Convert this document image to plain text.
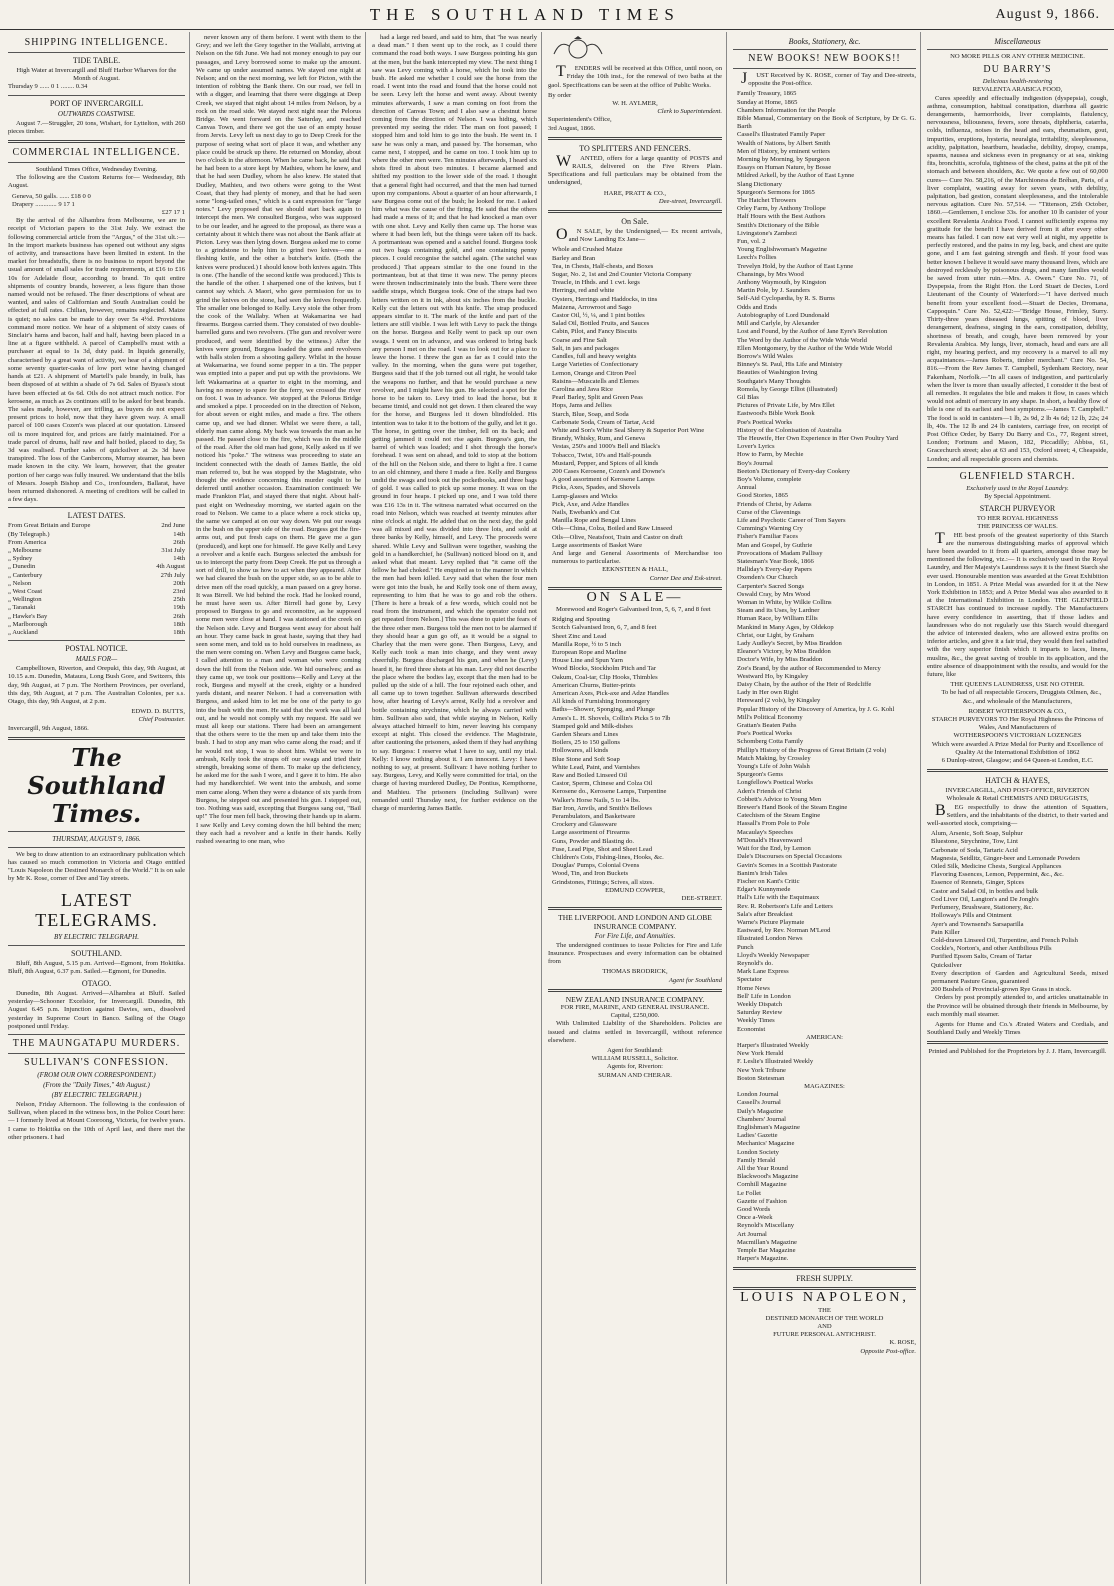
THE SOUTHLAND TIMES	August 9, 1866.
SHIPPING INTELLIGENCE.
TIDE TABLE.
High Water at Invercargill and Bluff Harbor Wharves for the Month of August.
Thursday 9 ...... 0 1 ........ 0.34
PORT OF INVERCARGILL
OUTWARDS COASTWISE.
August 7.—Struggler, 20 tons, Wishart, for Lyttelton, with 260 pieces timber.
COMMERCIAL INTELLIGENCE.
Southland Times Office, Wednesday Evening.
The following are the Custom Returns for— Wednesday, 8th August.
Geneva, 50 galls. ...... £18 0 0
Drapery ............. 9 17 1
£27 17 1
By the arrival of the Alhambra from Melbourne, we are in receipt of Victorian papers to the 31st July. We extract the following commercial article from the "Argus," of the 31st ult.:— In the import markets business has opened out without any signs of activity, and transactions have been limited in extent. In the market for breadstuffs, there is no business to report beyond the usual amount of small sales for trade requirements, at £16 to £16 10s for Adelaide flour, according to brand. To quit entire shipments of country brands, however, a less figure than those named would not be refused. The finer descriptions of wheat are wanted, and sales of Californian and South Australian could be effected at full rates. Chilian, however, remains neglected. Maize is quiet; no sales can be made to day over 5s 4½d. Provisions command more notice. We hear of a shipment of sixty cases of Sinclair's hams and bacon, half and half, having been placed in a line at a figure withheld. A parcel of Campbell's must with a purchaser at equal to 1s 3d, duty paid. In liquids generally, characterised by a great want of activity, we hear of a shipment of some seventy quarter-casks of low port wine having changed hands at £21. A shipment of Martell's pale brandy, in bulk, has been disposed of at within a shade of 7s 6d. Sales of Byass's stout have been effected at 6s 6d. Oils do not attract much notice. For kerosene, as much as 2s continues still to be asked for best brands. The sales made, however, are trifling, as buyers do not expect present prices to hold, now that they have given way. A small parcel of 100 cases Cozen's was placed at our quotation. Linseed oil is more inquired for, and prices are fairly maintained. For a trade parcel of drums, half raw and half boiled, placed to day, 5s 3d was realised. Further sales of quicksilver at 2s 3d have transpired. The loss of the Canbercons, Murray steamer, has been made known in the city. We learn, however, that the greater portion of her cargo was fully insured. We understand that the bills of Messrs. Joseph Bishop and Co., ironfounders, Ballarat, have been returned dishonored. A meeting of creditors will be called in a few days.
LATEST DATES.
From Great Britain and Europe	2nd June
(By Telegraph.)	14th
From America	26th
„ Melbourne	31st July
„ Sydney	14th
„ Dunedin	4th August
„ Canterbury	27th July
„ Nelson	20th
„ West Coast	23rd
„ Wellington	25th
„ Taranaki	19th
„ Hawke's Bay	26th
„ Marlborough	18th
„ Auckland	18th
POSTAL NOTICE.
MAILS FOR—
Campbelltown, Riverton, and Orepuki, this day, 9th August, at 10.15 a.m. Dunedin, Mataura, Long Bush Gore, and Switzers, this day, 9th August, at 7 p.m. The Northern Provinces, per overland, this day, 9th August, at 7 p.m. The Australian Colonies, per s.s. Otago, this day, 9th August, at 2 p.m.
EDWD. D. BUTTS,
Chief Postmaster.
Invercargill, 9th August, 1866.
The Southland Times.
THURSDAY, AUGUST 9, 1866.
We beg to draw attention to an extraordinary publication which has caused so much commotion in Victoria and Otago entitled "Louis Napoleon the Destined Monarch of the World." It is on sale by Mr K. Rose, corner of Dee and Tay streets.
LATEST TELEGRAMS.
BY ELECTRIC TELEGRAPH.
SOUTHLAND.
Bluff, 8th August, 5.15 p.m. Arrived—Egmont, from Hokitika. Bluff, 8th August, 6.37 p.m. Sailed.—Egmont, for Dunedin.
OTAGO.
Dunedin, 8th August. Arrived—Alhambra at Bluff. Sailed yesterday—Schooner Excelsior, for Invercargill. Dunedin, 8th August 6.45 p.m. Injunction against Davies, sen., dissolved yesterday in Supreme Court in Banco. Sailing of the Otago postponed until Friday.
THE MAUNGATAPU MURDERS.
SULLIVAN'S CONFESSION.
(FROM OUR OWN CORRESPONDENT.)
(From the "Daily Times," 4th August.)
(BY ELECTRIC TELEGRAPH.)
Nelson, Friday Afternoon. The following is the confession of Sullivan, when placed in the witness box, in the Police Court here:— I formerly lived at Mount Cooroong, Victoria, for twelve years. I came to Hokitika on the 10th of April last, and there met the other prisoners. I had
never known any of them before. I went with them to the Grey; and we left the Grey together in the Wallabi, arriving at Nelson on the 6th June. We had not money enough to pay our passages, and Levy borrowed some to make up the amount. We came up under assumed names. We stayed one night at Nelson; and on the next morning, we left for Picton, with the intention of robbing the Bank there. On our road, we fell in with a digger, and learning that there were diggings at Deep Creek, we stayed that night about 14 miles from Nelson, by a rock on the road side. We stayed next night near the Pelorus Bridge. We went forward on the Saturday, and reached Canvas Town, and there we got the use of an empty house from Jervis. Levy left us next day to go to Deep Creek for the purpose of seeing what sort of place it was, and whether any place could be struck up there. He returned on Monday, about two o'clock in the afternoon. When he came back, he said that he had been to a store kept by Mathieu, whom he knew, and that he had seen Dudley, whom he also knew. He stated that Dudley, Mathieu, and two others were going to the West Coast, that they had plenty of money, and that he had seen some "long-tailed ones," which is a cant expression for "large notes." Levy proposed that we should start back again to intercept the men. We consulted Burgess, who was supposed to be our leader, and he agreed to the proposal, as there was a certainty about it which there was not about the Bank affair at Picton. Levy was then lying down. Burgess asked me to come to a grindstone to help him to grind two knives—one a fleshing knife, and the other a butcher's knife. (Both the knives were produced.) I should know both knives again. This is one. (The handle of the second knife was produced.) This is the handle of the other. I sharpened one of the knives, but I cannot say which. A Maori, who gave permission for us to grind the knives on the stone, had seen the knives frequently. The smaller one belonged to Kelly. Levy stole the other from the cook of the Wallaby. When at Wakamarina we had firearms. Burgess carried them. They consisted of two double-barrelled guns and two revolvers. (The gun and revolver were produced, and were identified by the witness.) After the knives were ground, Burgess loaded the guns and revolvers with balls stolen from a shooting gallery. Whilst in the house at Wakamarina, we found some pepper in a tin. The pepper was emptied into a paper and put up with the provisions. We left Wakamarina at a quarter to eight in the morning, and having no money to spare for the ferry, we crossed the river on foot. I was in advance. We stopped at the Pelorus Bridge and smoked a pipe. I proceeded on in the direction of Nelson, for about seven or eight miles, and made a fire. The others came up, and we had dinner. Whilst we were there, a tall, elderly man came along. My back was towards the man as he passed. He passed close to the fire, which was in the middle of the road. After the old man had gone, Kelly asked us if we noticed his "poke." The witness was proceeding to state an incident connected with the death of James Battle, the old man referred to, but he was stopped by the Magistrate, who thought the evidence concerning this murder ought to be deferred until another occasion. Examination continued: We made Frankton Flat, and stayed there that night. About half-past eight on Wednesday morning, we started again on the road to Nelson. We came to a place where a rock sticks up, the same we camped at on our way down. We put our swags in the bush on the upper side of the road. Burgess got the fire-arms out, and put fresh caps on them. He gave me a gun (produced), and kept one for himself. He gave Kelly and Levy a revolver and a knife each. Burgess selected the ambush for us to intercept the party from Deep Creek. He put us through a sort of drill, to show us how to act when they appeared. After we had cleared the bush on the upper side, so as to be able to drive men off the road quickly, a man passed on a grey horse. It was Birrell. We hid behind the rock. Had he looked round, he must have seen us. After Birrell had gone by, Levy proposed to Burgess to go and reconnoitre, as he supposed some men were close at hand. I was stationed at the creek on the Nelson side. Levy and Burgess went away for about half an hour. They came back in great haste, saying that they had seen some men, and told us to hold ourselves in readiness, as the men were coming on. When Levy and Burgess came back, I called attention to a man and woman who were coming down the hill from the Nelson side. We hid ourselves; and as they came up, we took our positions—Kelly and Levy at the rock, Burgess and myself at the creek, eighty or a hundred yards distant, and nearer Nelson. I had a conversation with Burgess, and asked him to let me be one of the party to go into the bush with the men. He said that the work was all laid out, and he would not comply with my request. He said we must all keep our stations. There had been an arrangement that the others were to tie the men up and take them into the bush. I had to stop any man who came along the road; and if he would not stop, I was to shoot him. Whilst we were in ambush, Kelly took the straps off our swags and tried their strength, breaking some of them. To make up the deficiency, he asked me for the sash I wore, and I gave it to him. He also had my handkerchief. We went into the ambush, and some men came along. When they were a distance of six yards from Burgess, he stepped out and presented his gun. I stepped out, too. Nothing was said, excepting that Burgess sang out, "Bail up!" The four men fell back, throwing their hands up in alarm. I saw Kelly and Levy coming down the hill behind the men; they each had a revolver and a knife in their hands. Kelly rushed swearing to one man, who
had a large red beard, and said to him, that "he was nearly a dead man." I then went up to the rock, as I could there command the road both ways. I saw Burgess pointing his gun at the men, but the bank intercepted my view. The next thing I saw was Levy coming with a horse, which he took into the bush. He asked me whether I could see the horse from the road. I went into the road and found that the horse could not be seen. Levy left the horse and went away. About twenty minutes afterwards, I saw a man coming on foot from the direction of Canvas Town; and I also saw a chestnut horse coming from the direction of Nelson. I was hiding, which prevented my seeing the rider. The man on foot passed; I stopped him and told him to go into the bush. He went in. I saw he was only a man, and passed by. The horseman, who came next, I stopped, and he came on too. I took him up to where the other men were. Ten minutes afterwards, I heard six shots fired in about two minutes. I became alarmed and shifted my position to the lower side of the road. I thought that a general fight had occurred, and that the men had turned upon my companions. About a quarter of an hour afterwards, I saw Burgess come out of the bush; he looked for me. I asked him what was the cause of the firing. He said that the others had made a mess of it; and that he had knocked a man over with one shot. Levy and Kelly then came up. The horse was where it had been left, but the things were taken off its back. A portmanteau was opened and a satchel found. Burgess took out two bags containing gold, and one containing penny pieces. I could recognise the satchel again. (The satchel was produced.) That appears similar to the one found in the portmanteau, but at that time it was new. The penny pieces were thrown indiscriminately into the bush. There were three saddle straps, which Burgess took. One of the straps had two letters written on it in ink, about six inches from the buckle. Kelly cut the letters out with his knife. The strap produced appears similar to it. The mark of the knife and part of the letters are still visible. I was left with Levy to pack the things on the horse. Burgess and Kelly went to pack up our own swags. I went on in advance, and was ordered to bring back any person I met on the road. I was to look out for a place to leave the horse. I threw the gun as far as I could into the valley. In the morning, when the guns were put together, Burgess said that if the job turned out all right, he would take the weapons no further, and that he would purchase a new revolver, and I might have his gun. He selected a spot for the horse to be taken to. Levy tried to lead the horse, but it became timid, and could not get down. I then cleared the way for the horse, and Burgess led it down blindfolded. His intention was to take it to the bottom of the gully, and let it go. The horse, in getting over the timber, fell on its back; and getting jammed it could not rise again. Burgess's gun, the barrel of which was loaded; and I shot through the horse's forehead. I was sent on ahead, and told to stop at the bottom of the hill on the Nelson side, and there to light a fire. I came to an old chimney, and there I made a fire. Kelly and Burgess undid the swags and took out the pocketbooks, and three bags of gold. I was called to pick up some money. It was on the ground in four heaps. I picked up one, and I was told there was £16 13s in it. The witness narrated what occurred on the road into Nelson, which was reached at twenty minutes after nine o'clock at night. He added that on the next day, the gold was all mixed and was divided into three lots, and sold at three banks by Kelly, himself, and Levy. The proceeds were shared. While Levy and Sullivan were together, washing the gold in a handkerchief, he (Sullivan) noticed blood on it, and asked what that meant. Levy replied that "it came off the fellow he had choked." He enquired as to the manner in which the men had been killed. Levy said that when the four men were got into the bush, he and Kelly took one of them away, representing to him that he was to go and rob the others. [There is here a break of a few words, which could not be read from the instrument, and which the operator could not get repeated from Nelson.] This was done to quiet the fears of the three other men. Burgess told the men not to be alarmed if they should hear a gun go off, as it would be a signal to Charley that the men were gone. Then Burgess, Levy, and Kelly each took a man into charge, and they went away cheerfully. Burgess discharged his gun, and when he (Levy) heard it, he fired three shots at his man. Levy did not describe the place where the bodies lay, except that the men had to be pulled up the side of a hill. The four rejoined each other, and all came up to town together. Sullivan afterwards described how, after hearing of Levy's arrest, Kelly hid a revolver and bottle containing strychnine, which he always carried with him. Sullivan also said, that while staying in Nelson, Kelly always attached himself to him, never leaving his company except at night. This closed the evidence. The Magistrate, after cautioning the prisoners, asked them if they had anything to say. Burgess: I reserve what I have to say, until my trial. Kelly: I know nothing about it. I am innocent. Levy: I have nothing to say, at present. Sullivan: I have nothing further to say. Burgess, Levy, and Kelly were committed for trial, on the charge of having murdered Dudley, De Pontius, Kempthorne, and Mathieu. The prisoners (including Sullivan) were remanded until Thursday next, for further evidence on the charge of murdering James Battle.
TENDERS will be received at this Office, until noon, on Friday the 10th inst., for the renewal of two baths at the gaol. Specifications can be seen at the office of Public Works.
By order
W. H. AYLMER,
Clerk to Superintendent.
Superintendent's Office,
3rd August, 1866.
TO SPLITTERS AND FENCERS.
WANTED, offers for a large quantity of POSTS and RAILS, delivered on the Five Rivers Plain. Specifications and full particulars may be obtained from the undersigned,
HARE, PRATT & CO.,
Dee-street, Invercargill.
On Sale.
ON SALE, by the Undersigned,— Ex recent arrivals, and Now Landing Ex Jane—
Whole and Crushed Maize
Barley and Bran
Tea, in Chests, Half-chests, and Boxes
Sugar, No. 2, 1st and 2nd Counter Victoria Company
Treacle, in Hhds. and 1 cwt. kegs
Herrings, red and white
Oysters, Herrings and Haddocks, in tins
Maizena, Arrowroot and Sago
Castor Oil, ½, ¼, and 1 pint bottles
Salad Oil, Bottled Fruits, and Sauces
Cabin, Pilot, and Fancy Biscuits
Coarse and Fine Salt
Salt, in jars and packages
Candles, full and heavy weights
Large Varieties of Confectionary
Lemon, Orange and Citron Peel
Raisins—Muscatells and Elemes
Carolina and Java Rice
Pearl Barley, Split and Green Peas
Hops, Jams and Jellies
Starch, Blue, Soap, and Soda
Carbonate Soda, Cream of Tartar, Acid
White and Son's White Seal Sherry & Superior Port Wine
Brandy, Whisky, Rum, and Geneva
Vestas, 250's and 1000's Bell and Black's
Tobacco, Twist, 10's and Half-pounds
Mustard, Pepper, and Spices of all kinds
200 Cases Kerosene, Cozen's and Downe's
A good assortment of Kerosene Lamps
Picks, Axes, Spades, and Shovels
Lamp-glasses and Wicks
Pick, Axe, and Adze Handles
Nails, Ewebank's and Cut
Manilla Rope and Bengal Lines
Oils—China, Colza, Boiled and Raw Linseed
Oils—Olive, Neatsfoot, Train and Castor on draft
Large assortments of Basket Ware
And large and General Assortments of Merchandise too numerous to particularise.
EEKNSTEEN & HALL,
Corner Dee and Esk-street.
ON SALE—
Morewood and Roger's Galvanised Iron, 5, 6, 7, and 8 feet
Ridging and Spouting
Scotch Galvanised Iron, 6, 7, and 8 feet
Sheet Zinc and Lead
Manilla Rope, ½ to 5 inch
European Rope and Marline
House Line and Spun Yarn
Wood Blocks, Stockholm Pitch and Tar
Oakum, Coal-tar, Clip Hooks, Thimbles
American Churns, Butter-prints
American Axes, Pick-axe and Adze Handles
All kinds of Furnishing Ironmongery
Baths—Shower, Sponging, and Plunge
Ames's L. H. Shovels, Collin's Picks 5 to 7lb
Stamped gold and Milk-dishes
Garden Shears and Lines
Boilers, 25 to 150 gallons
Hollowares, all kinds
Blue Stone and Soft Soap
White Lead, Paint, and Varnishes
Raw and Boiled Linseed Oil
Castor, Sperm, Chinese and Colza Oil
Kerosene do., Kerosene Lamps, Turpentine
Walker's Horse Nails, 5 to 14 lbs.
Bar Iron, Anvils, and Smith's Bellows
Perambulators, and Basketware
Crockery and Glassware
Large assortment of Firearms
Guns, Powder and Blasting do.
Fuse, Lead Pipe, Shot and Sheet Lead
Children's Cots, Fishing-lines, Hooks, &c.
Douglas' Pumps, Colonial Ovens
Wood, Tin, and Iron Buckets
Grindstones, Fittings; Scives, all sizes.
EDMUND COWPER,
DEE-STREET.
THE LIVERPOOL AND LONDON AND GLOBE INSURANCE COMPANY.
For Fire Life, and Annuities.
The undersigned continues to issue Policies for Fire and Life Insurance. Prospectuses and every information can be obtained from
THOMAS BRODRICK,
Agent for Southland
NEW ZEALAND INSURANCE COMPANY.
FOR FIRE, MARINE, AND GENERAL INSURANCE.
Capital, £250,000.
With Unlimited Liability of the Shareholders. Policies are issued and claims settled in Invercargill, without reference elsewhere.
Agent for Southland:
WILLIAM RUSSELL, Solicitor.
Agents for, Riverton:
SURMAN AND CHERAR.
Books, Stationery, &c.
NEW BOOKS! NEW BOOKS!!
JUST Received by K. ROSE, corner of Tay and Dee-streets, opposite the Post-office.
Family Treasury, 1865
Sunday at Home, 1865
Chambers Information for the People
Bible Manual, Commentary on the Book of Scripture, by Dr G. G. Barth
Cassell's Illustrated Family Paper
Wealth of Nations, by Albert Smith
Men of History, by eminent writers
Morning by Morning, by Spurgeon
Essays on Human Nature, by Bosse
Mildred Arkell, by the Author of East Lynne
Slang Dictionary
Spurgeon's Sermons for 1865
The Hatchet Throwers
Orley Farm, by Anthony Trollope
Half Hours with the Best Authors
Smith's Dictionary of the Bible
Livingstone's Zambezi
Fun, vol. 2
Young Englishwoman's Magazine
Leech's Follies
Trevelyn Hold, by the Author of East Lynne
Chansings, by Mrs Wood
Anthony Waymouth, by Kingston
Martin Pole, by J. Saunders
Self-Aid Cyclopædia, by R. S. Burns
Odds and Ends
Autobiography of Lord Dundonald
Mill and Carlyle, by Alexander
Lost and Found, by the Author of Jane Eyre's Revolution
The Word by the Author of the Wide Wide World
Ellen Montgomery, by the Author of the Wide Wide World
Borrow's Wild Wales
Binney's St. Paul, His Life and Ministry
Beauties of Washington Irving
Southgate's Many Thoughts
Romola, by George Elliot (illustrated)
Gil Blas
Pictures of Private Life, by Mrs Ellet
Eastwood's Bible Work Book
Poe's Poetical Works
History of the Colonisation of Australia
The Heuwife, Her Own Experience in Her Own Poultry Yard
Lover's Lyrics
How to Farm, by Mechie
Boy's Journal
Beeton's Dictionary of Every-day Cookery
Boy's Volume, complete
Annual
Good Stories, 1865
Friends of Christ, by Adams
Curse of the Clavenings
Life and Psychotic Career of Tom Sayers
Cumming's Warning Cry
Fisher's Familiar Faces
Man and Gospel, by Guthrie
Provocations of Madam Pallissy
Statesman's Year Book, 1866
Halliday's Every-day Papers
Oxenden's Our Church
Carpenter's Sacred Songs
Oswald Cray, by Mrs Wood
Woman in White, by Wilkie Collins
Steam and its Uses, by Lardner
Human Race, by William Ellis
Mankind in Many Ages, by Oldekop
Christ, our Light, by Graham
Lady Audley's Secret, by Miss Braddon
Eleanor's Victory, by Miss Braddon
Doctor's Wife, by Miss Braddon
Zoe's Brand, by the author of Recommended to Mercy
Westward Ho, by Kingsley
Daisy Chain, by the author of the Heir of Redcliffe
Lady in Her own Right
Hereward (2 vols), by Kingsley
Popular History of the Discovery of America, by J. G. Kohl
Mill's Political Economy
Grattan's Beaten Paths
Poe's Poetical Works
Schomberg Cotta Family
Phillip's History of the Progress of Great Britain (2 vols)
Match Making, by Crossley
Young's Life of John Walsh
Spurgeon's Gems
Longfellow's Poetical Works
Aden's Friends of Christ
Cobbett's Advice to Young Men
Brewer's Hand Book of the Steam Engine
Catechism of the Steam Engine
Hassall's From Pole to Pole
Macaulay's Speeches
M'Donald's Heavenward
Wait for the End, by Lemon
Dale's Discourses on Special Occasions
Gavin's Scenes in a Scottish Pastorate
Banim's Irish Tales
Fischer on Kant's Critic
Edgar's Kunnymede
Hall's Life with the Esquimaux
Rev. R. Robertson's Life and Letters
Sala's after Breakfast
Warne's Picture Playmate
Eastward, by Rev. Norman M'Leod
Illustrated London News
Punch
Lloyd's Weekly Newspaper
Reynold's do.
Mark Lane Express
Spectator
Home News
Bell' Life in London
Weekly Dispatch
Saturday Review
Weekly Times
Economist
AMERICAN:
Harper's Illustrated Weekly
New York Herald
F. Leslie's Illustrated Weekly
New York Tribune
Boston Stetesman
MAGAZINES:
London Journal
Cassell's Journal
Daily's Magazine
Chambers' Journal
Englishman's Magazine
Ladies' Gazette
Mechanics' Magazine
London Society
Family Herald
All the Year Round
Blackwood's Magazine
Cornhill Magazine
Le Follet
Gazette of Fashion
Good Words
Once a-Week
Reynold's Miscellany
Art Journal
Macmillan's Magazine
Temple Bar Magazine
Harper's Magazine.
FRESH SUPPLY.
LOUIS NAPOLEON,
THE
DESTINED MONARCH OF THE WORLD
AND
FUTURE PERSONAL ANTICHRIST.
K. ROSE,
Opposite Post-office.
Miscellaneous
NO MORE PILLS OR ANY OTHER MEDICINE.
DU BARRY'S
Delicious health-restoring
REVALENTA ARABICA FOOD,
Cures speedily and effectually indigestion (dyspepsia), cough, asthma, consumption, habitual constipation, diarrhœa all gastric derangements, hæmorrhoids, liver complaints, flatulency, nervousness, biliousness, fevers, sore throats, diphtheria, catarrhs, colds, influenza, noises in the head and ears, rheumatism, gout, impurities, eruptions, hysteria, neuralgia, irritability, sleeplessness, acidity, palpitation, heartburn, headache, debility, dropsy, cramps, spasms, nausea and sickness even in pregnancy or at sea, sinking fits, bronchitis, scrofula, tightness of the chest, pains at the pit of the stomach and between shoulders, &c. We quote a few out of 60,000 cures— Cure No. 58,216, of the Marchioness de Bréhan, Paris, of a liver complaint, wasting away for seven years, with debility, palpitation, bad gestion, constant sleeplessness, and the intolerable nervous agitation. Cure No. 57,514. — "Tittenson, 25th October, 1860.—Gentlemen, I enclose 33s. for another 10 lb canister of your excellent Revalenta Arabica Food. I cannot sufficiently express my gratitude for the benefit I have derived from it after every other means has failed. I can now eat very well at night, my appetite is perfectly restored, and the pains in my leg, back, and chest are quite gone, and I am fast gaining strength and flesh. If your food was better known I believe it would save many thousand lives, which are destroyed recklessly by poisonous drugs, and many families would be saved from utter ruin.—Mrs. A. Owen." Cure No. 71, of Dyspepsia, from the Right Hon. the Lord Stuart de Decies, Lord Lieutenant of the County of Waterford:—"I have derived much benefit from your excellent food.—Stuart de Decies, Dromana, Cappoquin." Cure No. 52,422:—"Bridge House, Frimley, Surry. Thirty-three years diseased lungs, spitting of blood, liver derangement, deafness, singing in the ears, constipation, debility, shortness of breath, and cough, have been removed by your Revalenta Arabica. My lungs, liver, stomach, head and ears are all right, my hearing perfect, and my recovery is a marvel to all my acquaintances.—James Roberts, timber merchant." Cure No. 54, 816.—From the Rev James T. Campbell, Sydenham Rectory, near Fakenham, Norfolk.—"In all cases of indigestion, and particularly when the liver is more than usually affected, I consider it the best of all remedies. It regulates the bile and makes it flow, in cases which would not admit of mercury in any shape. In short, a healthy flow of bile is one of its earliest and best symptoms.—James T. Campbell." The food is sold in canisters—1 lb, 2s 9d, 2 lb 4s 6d; 12 lb, 22s; 24 lb, 40s. The 12 lb and 24 lb canisters, carriage free, on receipt of Post Office Order, by Barry Du Barry and Co., 77, Regent street, London; Fortnum and Mason, 182, Piccadilly; Abbiss, 61, Gracechurch street; also at 63 and 153, Oxford street; 4, Cheapside, London; and all respectable grocers and chemists.
GLENFIELD STARCH.
Exclusively used in the Royal Laundry.
By Special Appointment.
STARCH PURVEYOR
TO HER ROYAL HIGHNESS
THE PRINCESS OF WALES.
THE best proofs of the greatest superiority of this Starch are the numerous distinguishing marks of approval which have been awarded to it from all quarters, amongst those may be mentioned the following, viz.:— It is exclusively used in the Royal Laundry, and Her Majesty's Laundress says it is the finest Starch she ever used. Honourable mention was awarded at the Great Exhibition in London, in 1851. A Prize Medal was awarded for it at the New York Exhibition in 1853; and A Prize Medal was also awarded to it at the International Exhibition in London. THE GLENFIELD STARCH has continued to increase rapidly. The Manufacturers have every confidence in asserting, that if those ladies and laundresses who do not regularly use this Starch would disregard the advice of interested dealers, who are allowed extra profits on inferior articles, and give it a fair trial, they would then feel satisfied with the very superior finish which it imparts to laces, linens, muslins, &c., the great saving of trouble in its application, and the entire absence of disappointment with the results, and would for the future, like
THE QUEEN'S LAUNDRESS, USE NO OTHER.
To be had of all respectable Grocers, Druggists Oilmen, &c., &c., and wholesale of the Manufacturers,
ROBERT WOTHERSPOON & CO.,
STARCH PURVEYORS TO Her Royal Highness the Princess of Wales, And Manufacturers of
WOTHERSPOON'S VICTORIAN LOZENGES
Which were awarded A Prize Medal for Purity and Excellence of Quality At the International Exhibition of 1862
6 Dunlop-street, Glasgow; and 64 Queen-st London, E.C.
HATCH & HAYES,
INVERCARGILL, AND POST-OFFICE, RIVERTON
Wholesale & Retail CHEMISTS AND DRUGGISTS,
BEG respectfully to draw the attention of Squatters, Settlers, and the inhabitants of the district, to their varied and well-assorted stock, comprising—
Alum, Arsenic, Soft Soap, Sulphur
Bluestone, Strychnine, Tow, Lint
Carbonate of Soda, Tartaric Acid
Magnesia, Seidlitz, Ginger-beer and Lemonade Powders
Oiled Silk, Medicine Chests, Surgical Appliances
Flavoring Essences, Lemon, Peppermint, &c., &c.
Essence of Rennets, Ginger, Spices
Castor and Salad Oil, in bottles and bulk
Cod Liver Oil, Langton's and De Jongh's
Perfumery, Brushware, Stationery, &c.
Holloway's Pills and Ointment
Ayer's and Townsend's Sarsaparilla
Pain Killer
Cold-drawn Linseed Oil, Turpentine, and French Polish
Cockle's, Norton's, and other Antibilious Pills
Purified Epsom Salts, Cream of Tartar
Quicksilver
Every description of Garden and Agricultural Seeds, mixed permanent Pasture Grass, guaranteed
200 Bushels of Provincial-grown Rye Grass in stock.
Orders by post promptly attended to, and articles unattainable in the Province will be obtained through their friends in Melbourne, by each monthly mail steamer.
Agents for Hume and Co.'s Ærated Waters and Cordials, and Southland Daily and Weekly Times
Printed and Published for the Proprietors by J. J. Ham, Invercargill.
